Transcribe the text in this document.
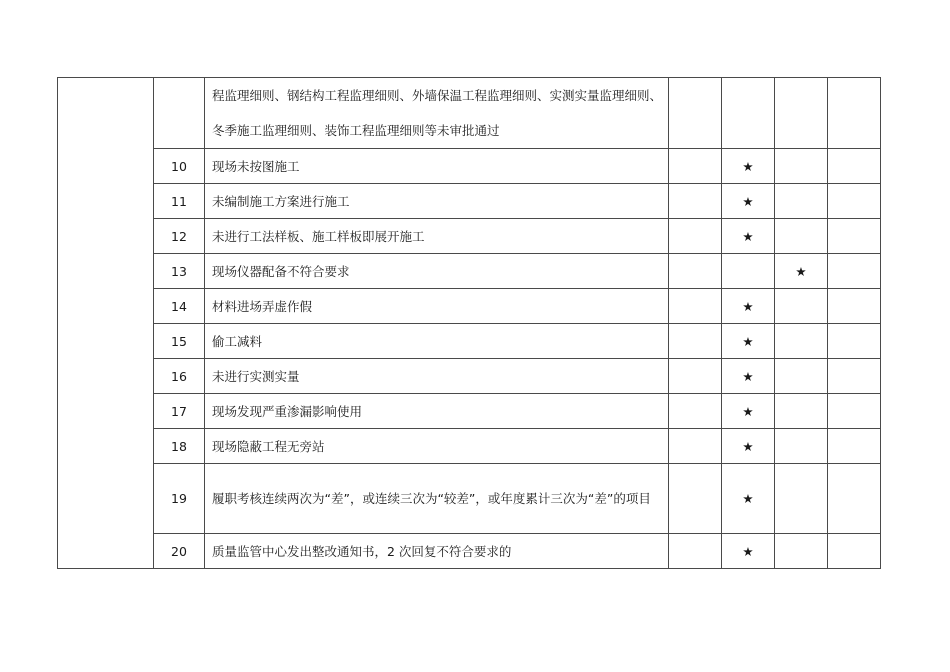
		程监理细则、钢结构工程监理细则、外墙保温工程监理细则、实测实量监理细则、冬季施工监理细则、装饰工程监理细则等未审批通过				

	10	现场未按图施工		★		
	11	未编制施工方案进行施工		★		
	12	未进行工法样板、施工样板即展开施工		★		
	13	现场仪器配备不符合要求			★	
	14	材料进场弄虚作假		★		
	15	偷工减料		★		
	16	未进行实测实量		★		
	17	现场发现严重渗漏影响使用		★		
	18	现场隐蔽工程无旁站		★		
	19	履职考核连续两次为“差”，或连续三次为“较差”，或年度累计三次为“差”的项目		★		
	20	质量监管中心发出整改通知书，2 次回复不符合要求的		★		
